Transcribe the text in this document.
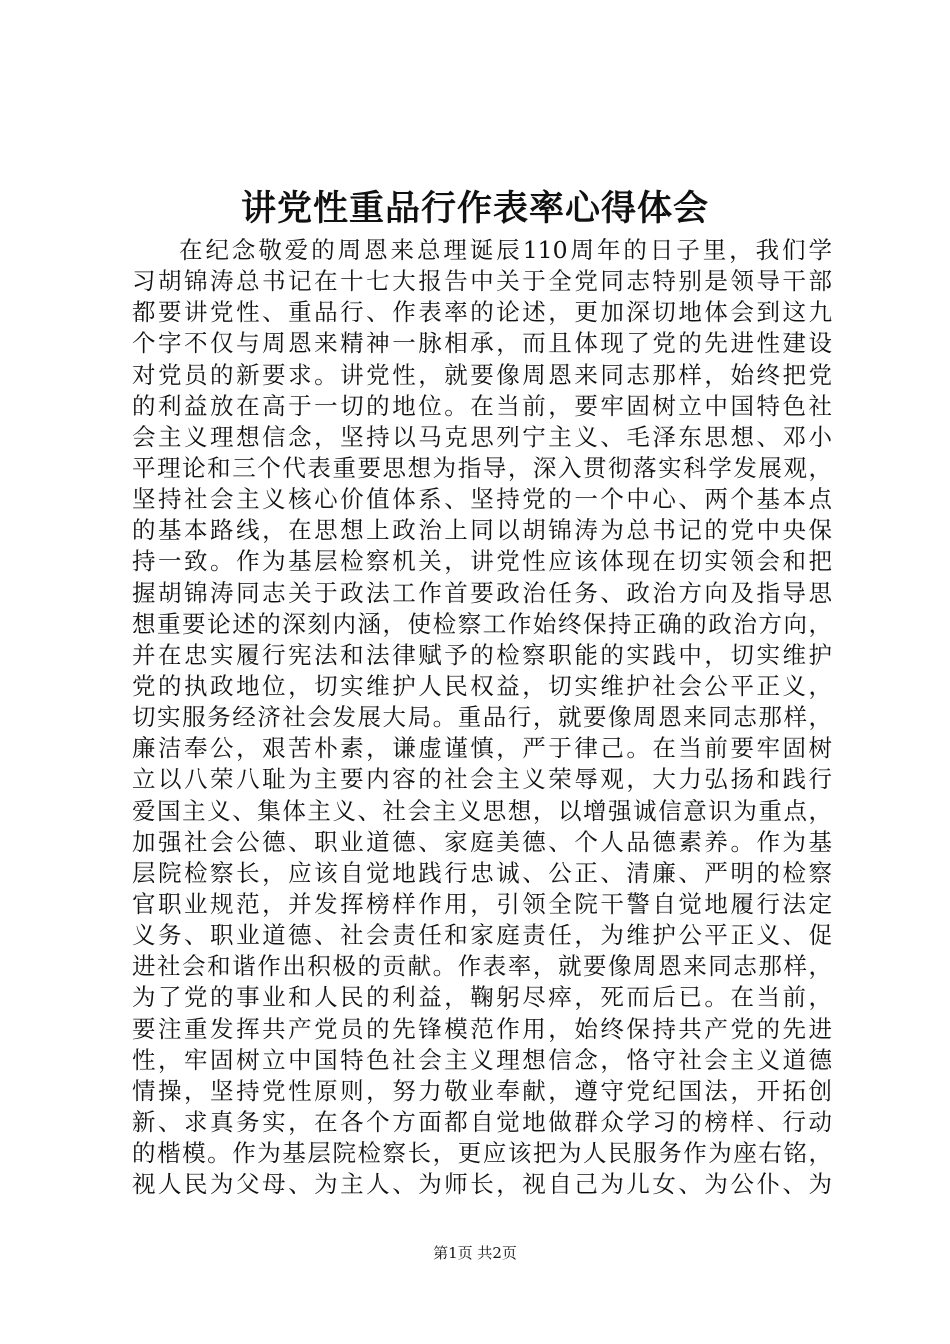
讲党性重品行作表率心得体会
在纪念敬爱的周恩来总理诞辰110周年的日子里，我们学
习胡锦涛总书记在十七大报告中关于全党同志特别是领导干部
都要讲党性、重品行、作表率的论述，更加深切地体会到这九
个字不仅与周恩来精神一脉相承，而且体现了党的先进性建设
对党员的新要求。讲党性，就要像周恩来同志那样，始终把党
的利益放在高于一切的地位。在当前，要牢固树立中国特色社
会主义理想信念，坚持以马克思列宁主义、毛泽东思想、邓小
平理论和三个代表重要思想为指导，深入贯彻落实科学发展观，
坚持社会主义核心价值体系、坚持党的一个中心、两个基本点
的基本路线，在思想上政治上同以胡锦涛为总书记的党中央保
持一致。作为基层检察机关，讲党性应该体现在切实领会和把
握胡锦涛同志关于政法工作首要政治任务、政治方向及指导思
想重要论述的深刻内涵，使检察工作始终保持正确的政治方向，
并在忠实履行宪法和法律赋予的检察职能的实践中，切实维护
党的执政地位，切实维护人民权益，切实维护社会公平正义，
切实服务经济社会发展大局。重品行，就要像周恩来同志那样，
廉洁奉公，艰苦朴素，谦虚谨慎，严于律己。在当前要牢固树
立以八荣八耻为主要内容的社会主义荣辱观，大力弘扬和践行
爱国主义、集体主义、社会主义思想，以增强诚信意识为重点，
加强社会公德、职业道德、家庭美德、个人品德素养。作为基
层院检察长，应该自觉地践行忠诚、公正、清廉、严明的检察
官职业规范，并发挥榜样作用，引领全院干警自觉地履行法定
义务、职业道德、社会责任和家庭责任，为维护公平正义、促
进社会和谐作出积极的贡献。作表率，就要像周恩来同志那样，
为了党的事业和人民的利益，鞠躬尽瘁，死而后已。在当前，
要注重发挥共产党员的先锋模范作用，始终保持共产党的先进
性，牢固树立中国特色社会主义理想信念，恪守社会主义道德
情操，坚持党性原则，努力敬业奉献，遵守党纪国法，开拓创
新、求真务实，在各个方面都自觉地做群众学习的榜样、行动
的楷模。作为基层院检察长，更应该把为人民服务作为座右铭，
视人民为父母、为主人、为师长，视自己为儿女、为公仆、为
第1页 共2页
